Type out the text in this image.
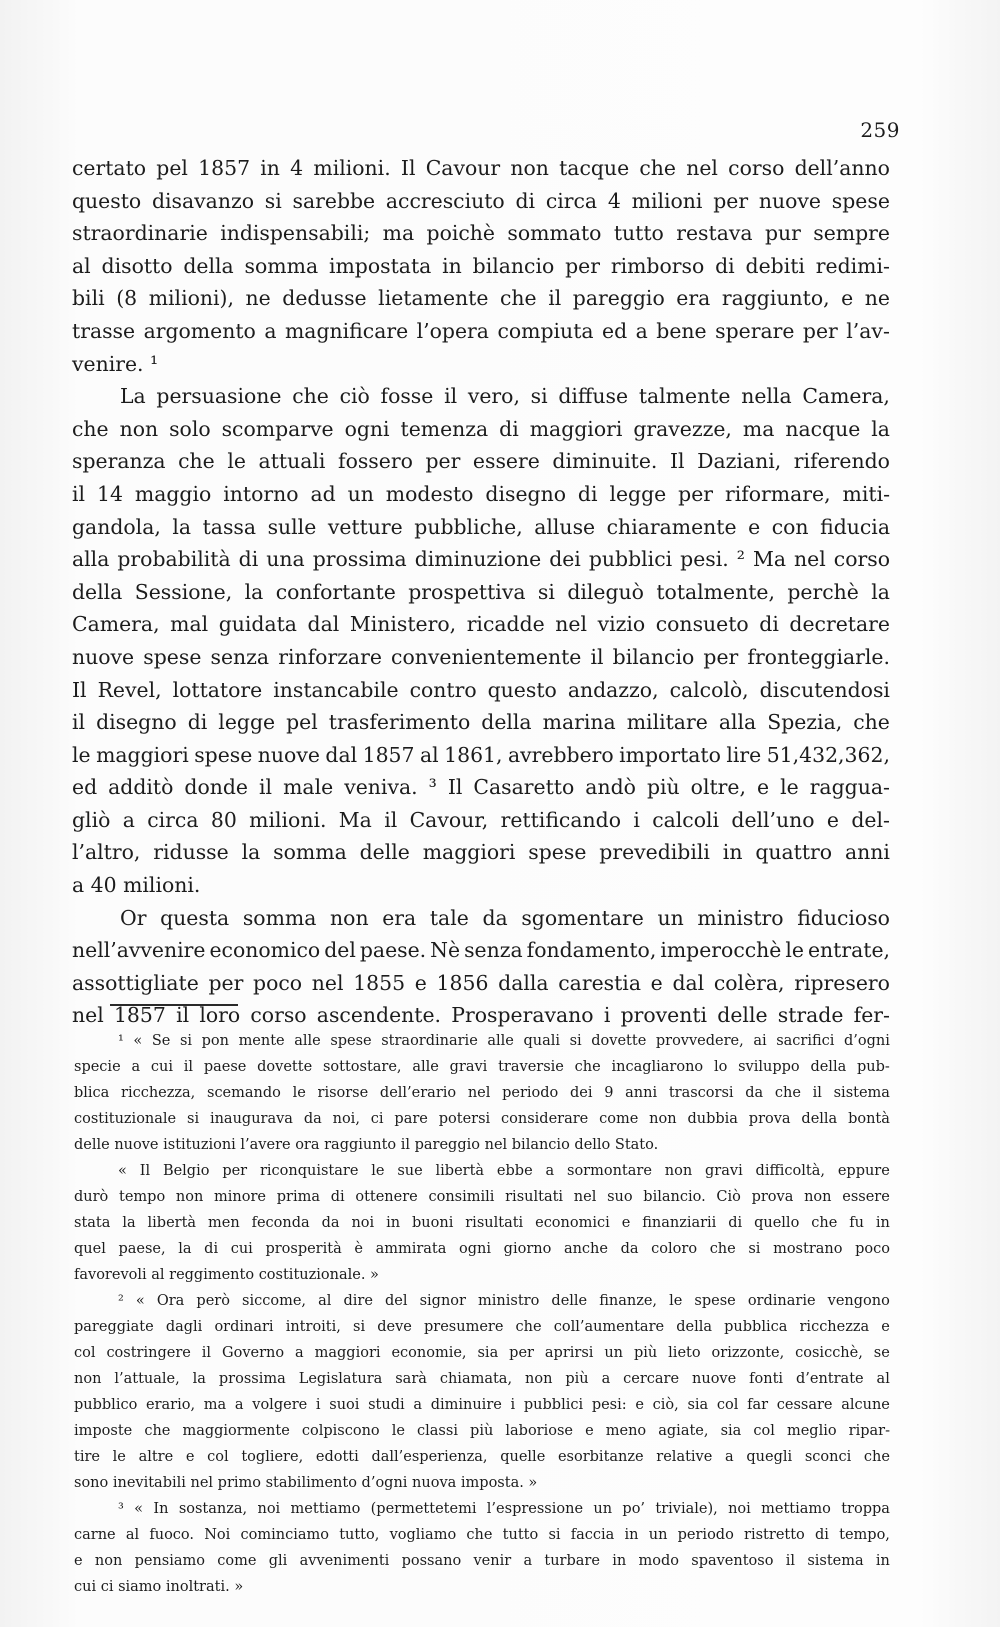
259
certato pel 1857 in 4 milioni. Il Cavour non tacque che nel corso dell’anno
questo disavanzo si sarebbe accresciuto di circa 4 milioni per nuove spese
straordinarie indispensabili; ma poichè sommato tutto restava pur sempre
al disotto della somma impostata in bilancio per rimborso di debiti redimi-
bili (8 milioni), ne dedusse lietamente che il pareggio era raggiunto, e ne
trasse argomento a magnificare l’opera compiuta ed a bene sperare per l’av-
venire. ¹
La persuasione che ciò fosse il vero, si diffuse talmente nella Camera,
che non solo scomparve ogni temenza di maggiori gravezze, ma nacque la
speranza che le attuali fossero per essere diminuite. Il Daziani, riferendo
il 14 maggio intorno ad un modesto disegno di legge per riformare, miti-
gandola, la tassa sulle vetture pubbliche, alluse chiaramente e con fiducia
alla probabilità di una prossima diminuzione dei pubblici pesi. ² Ma nel corso
della Sessione, la confortante prospettiva si dileguò totalmente, perchè la
Camera, mal guidata dal Ministero, ricadde nel vizio consueto di decretare
nuove spese senza rinforzare convenientemente il bilancio per fronteggiarle.
Il Revel, lottatore instancabile contro questo andazzo, calcolò, discutendosi
il disegno di legge pel trasferimento della marina militare alla Spezia, che
le maggiori spese nuove dal 1857 al 1861, avrebbero importato lire 51,432,362,
ed additò donde il male veniva. ³ Il Casaretto andò più oltre, e le ragguа-
gliò a circa 80 milioni. Ma il Cavour, rettificando i calcoli dell’uno e del-
l’altro, ridusse la somma delle maggiori spese prevedibili in quattro anni
a 40 milioni.
Or questa somma non era tale da sgomentare un ministro fiducioso
nell’avvenire economico del paese. Nè senza fondamento, imperocchè le entrate,
assottigliate per poco nel 1855 e 1856 dalla carestia e dal colèra, ripresero
nel 1857 il loro corso ascendente. Prosperavano i proventi delle strade fer-
¹ « Se si pon mente alle spese straordinarie alle quali si dovette provvedere, ai sacrifici d’ogni
specie a cui il paese dovette sottostare, alle gravi traversie che incagliarono lo sviluppo della pub-
blica ricchezza, scemando le risorse dell’erario nel periodo dei 9 anni trascorsi da che il sistema
costituzionale si inaugurava da noi, ci pare potersi considerare come non dubbia prova della bontà
delle nuove istituzioni l’avere ora raggiunto il pareggio nel bilancio dello Stato.
« Il Belgio per riconquistare le sue libertà ebbe a sormontare non gravi difficoltà, eppure
durò tempo non minore prima di ottenere consimili risultati nel suo bilancio. Ciò prova non essere
stata la libertà men feconda da noi in buoni risultati economici e finanziarii di quello che fu in
quel paese, la di cui prosperità è ammirata ogni giorno anche da coloro che si mostrano poco
favorevoli al reggimento costituzionale. »
² « Ora però siccome, al dire del signor ministro delle finanze, le spese ordinarie vengono
pareggiate dagli ordinari introiti, si deve presumere che coll’aumentare della pubblica ricchezza e
col costringere il Governo a maggiori economie, sia per aprirsi un più lieto orizzonte, cosicchè, se
non l’attuale, la prossima Legislatura sarà chiamata, non più a cercare nuove fonti d’entrate al
pubblico erario, ma a volgere i suoi studi a diminuire i pubblici pesi: e ciò, sia col far cessare alcune
imposte che maggiormente colpiscono le classi più laboriose e meno agiate, sia col meglio ripar-
tire le altre e col togliere, edotti dall’esperienza, quelle esorbitanze relative a quegli sconci che
sono inevitabili nel primo stabilimento d’ogni nuova imposta. »
³ « In sostanza, noi mettiamo (permettetemi l’espressione un po’ triviale), noi mettiamo troppa
carne al fuoco. Noi cominciamo tutto, vogliamo che tutto si faccia in un periodo ristretto di tempo,
e non pensiamo come gli avvenimenti possano venir a turbare in modo spaventoso il sistema in
cui ci siamo inoltrati. »
